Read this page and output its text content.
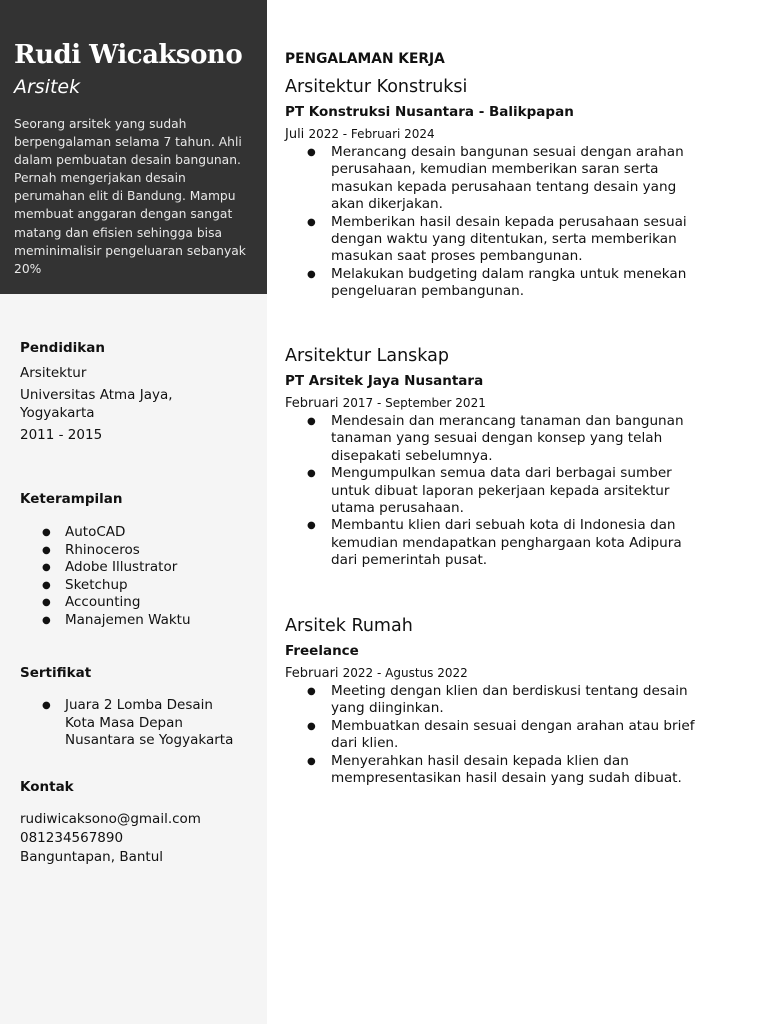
Rudi Wicaksono
Arsitek
Seorang arsitek yang sudah
berpengalaman selama 7 tahun. Ahli
dalam pembuatan desain bangunan.
Pernah mengerjakan desain
perumahan elit di Bandung. Mampu
membuat anggaran dengan sangat
matang dan efisien sehingga bisa
meminimalisir pengeluaran sebanyak
20%
Pendidikan
Arsitektur
Universitas Atma Jaya,
Yogyakarta
2011 - 2015
Keterampilan
● AutoCAD
● Rhinoceros
● Adobe Illustrator
● Sketchup
● Accounting
● Manajemen Waktu
Sertifikat
● Juara 2 Lomba Desain
Kota Masa Depan
Nusantara se Yogyakarta
Kontak
rudiwicaksono@gmail.com
081234567890
Banguntapan, Bantul
PENGALAMAN KERJA
Arsitektur Konstruksi
PT Konstruksi Nusantara - Balikpapan
Juli 2022 - Februari 2024
● Merancang desain bangunan sesuai dengan arahan
perusahaan, kemudian memberikan saran serta
masukan kepada perusahaan tentang desain yang
akan dikerjakan.
● Memberikan hasil desain kepada perusahaan sesuai
dengan waktu yang ditentukan, serta memberikan
masukan saat proses pembangunan.
● Melakukan budgeting dalam rangka untuk menekan
pengeluaran pembangunan.
Arsitektur Lanskap
PT Arsitek Jaya Nusantara
Februari 2017 - September 2021
● Mendesain dan merancang tanaman dan bangunan
tanaman yang sesuai dengan konsep yang telah
disepakati sebelumnya.
● Mengumpulkan semua data dari berbagai sumber
untuk dibuat laporan pekerjaan kepada arsitektur
utama perusahaan.
● Membantu klien dari sebuah kota di Indonesia dan
kemudian mendapatkan penghargaan kota Adipura
dari pemerintah pusat.
Arsitek Rumah
Freelance
Februari 2022 - Agustus 2022
● Meeting dengan klien dan berdiskusi tentang desain
yang diinginkan.
● Membuatkan desain sesuai dengan arahan atau brief
dari klien.
● Menyerahkan hasil desain kepada klien dan
mempresentasikan hasil desain yang sudah dibuat.
